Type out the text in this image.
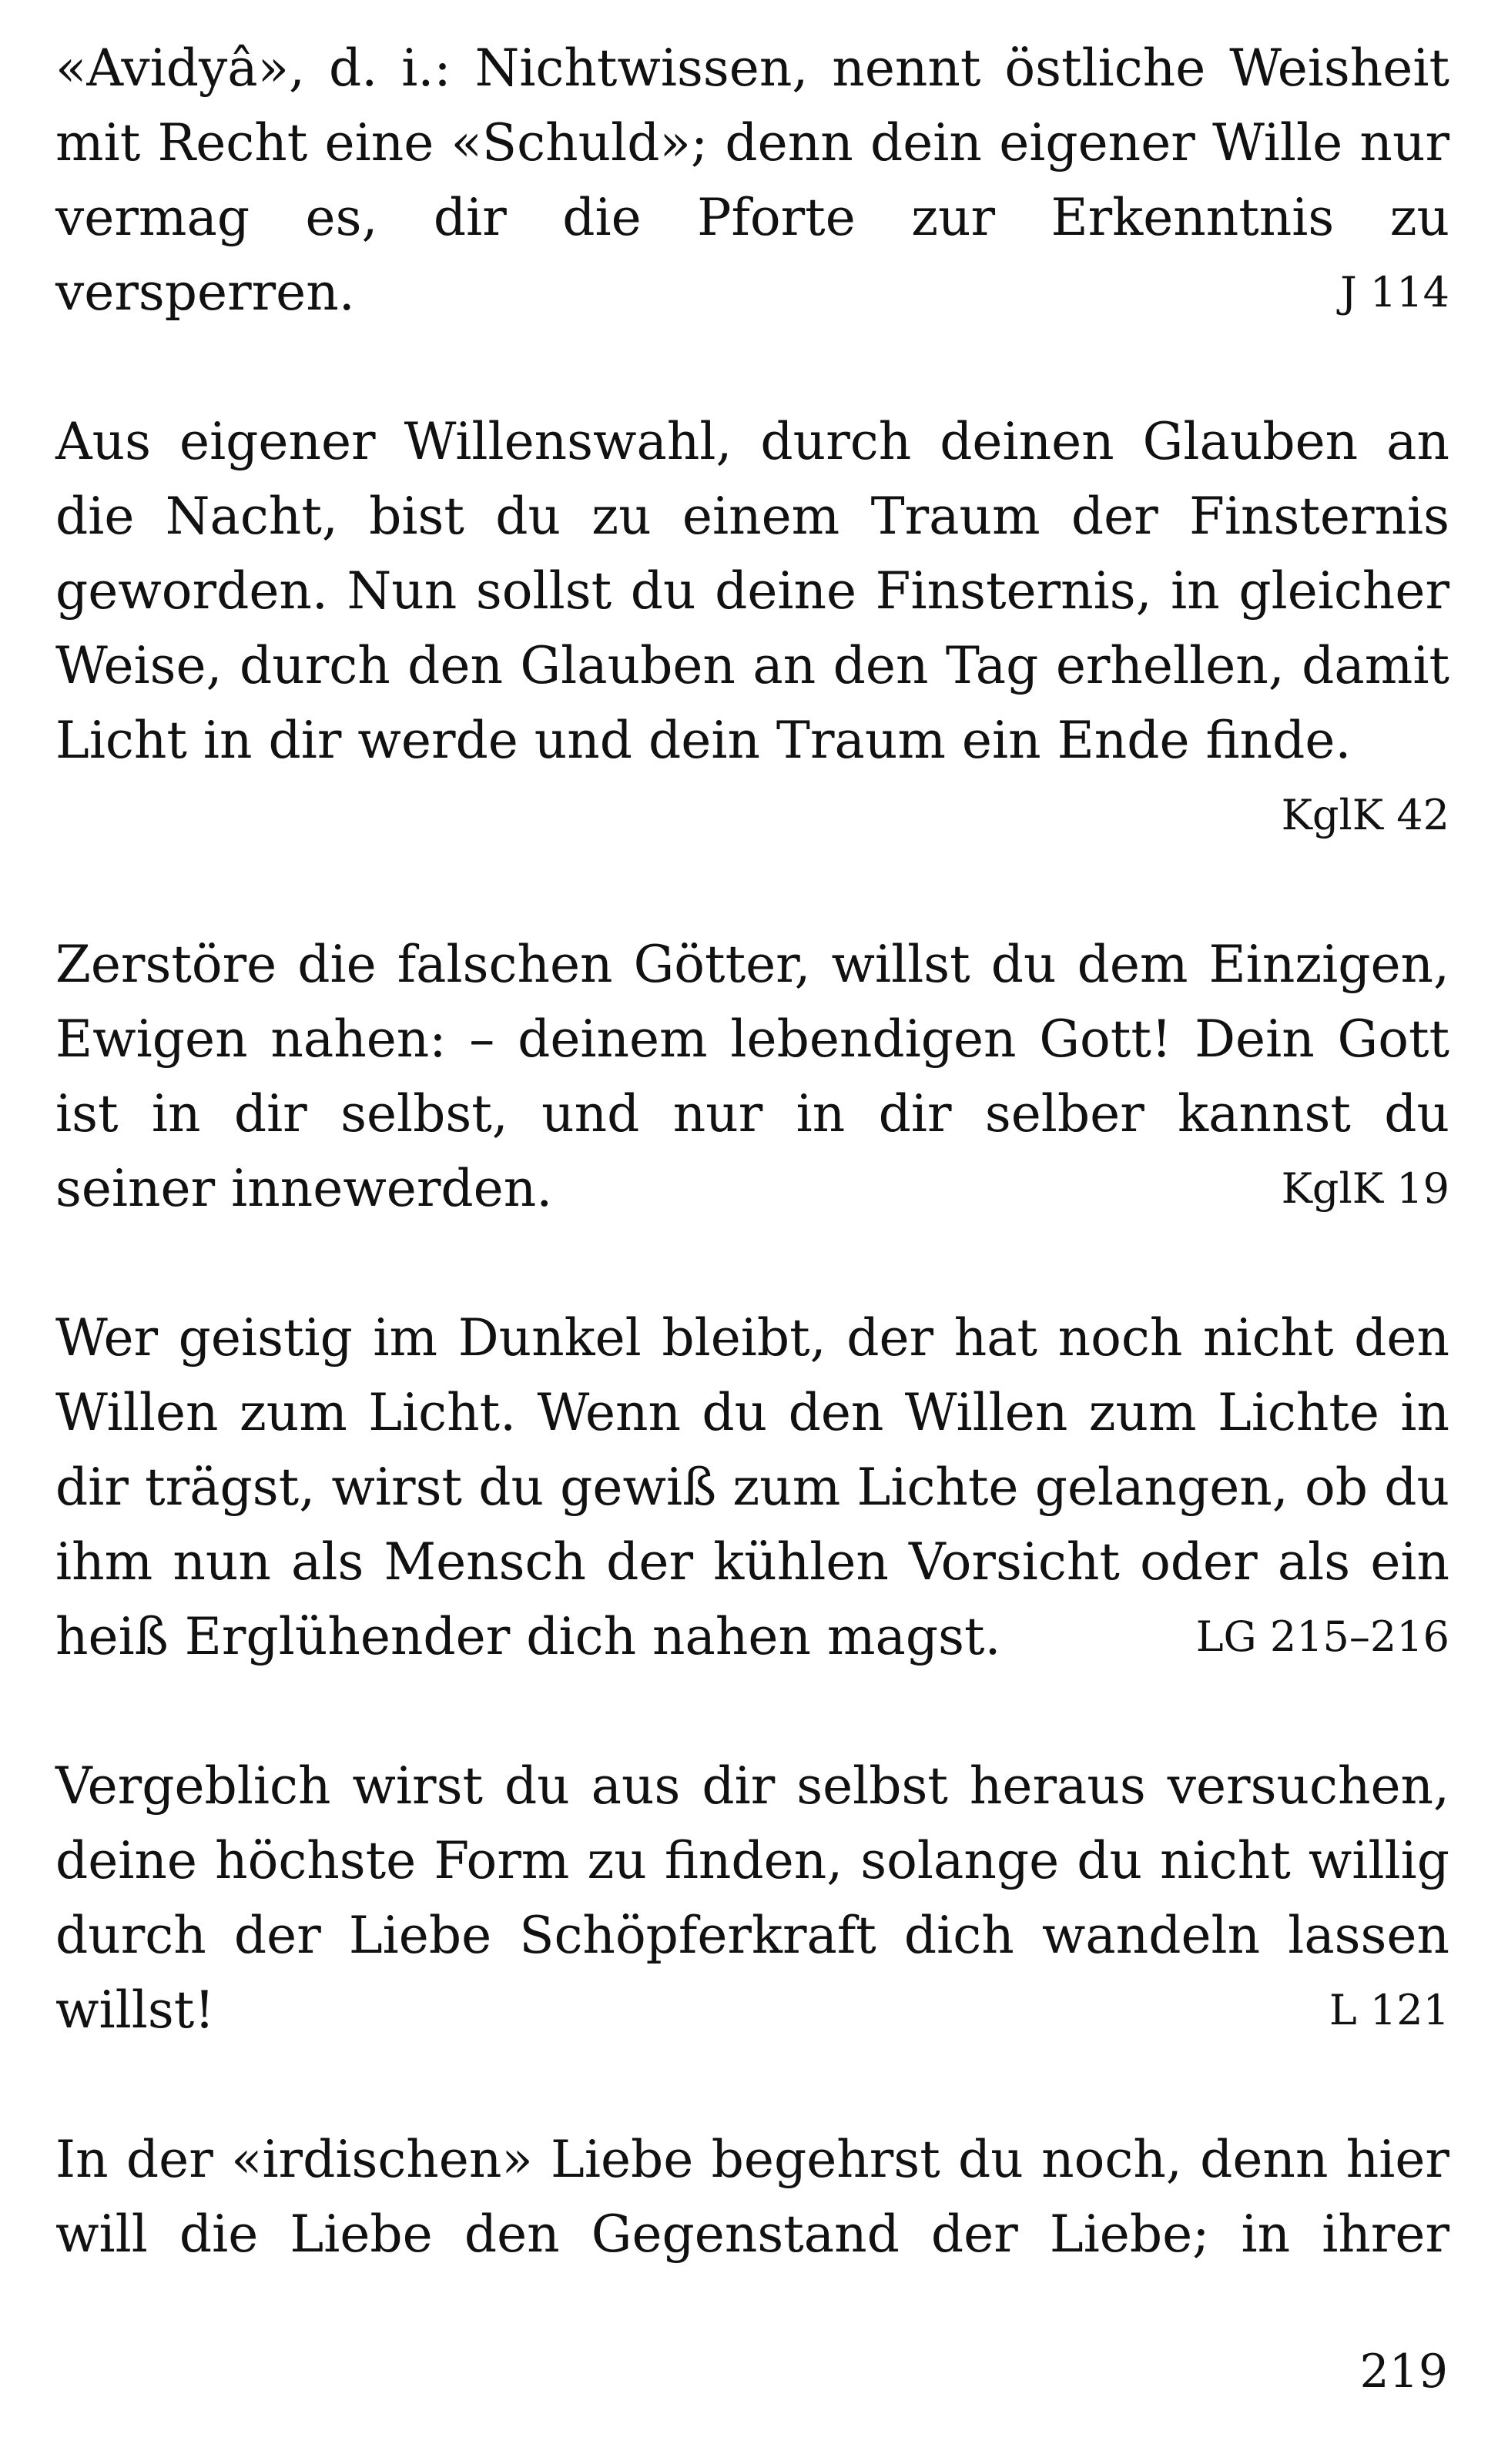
«Avidyâ», d. i.: Nichtwissen, nennt östliche Weisheit mit Recht eine «Schuld»; denn dein eigener Wille nur vermag es, dir die Pforte zur Erkenntnis zu versperren.	J 114

Aus eigener Willenswahl, durch deinen Glauben an die Nacht, bist du zu einem Traum der Finsternis geworden. Nun sollst du deine Finsternis, in gleicher Weise, durch den Glauben an den Tag erhellen, damit Licht in dir werde und dein Traum ein Ende finde.

KglK 42

Zerstöre die falschen Götter, willst du dem Einzigen, Ewigen nahen: – deinem lebendigen Gott! Dein Gott ist in dir selbst, und nur in dir selber kannst du seiner innewerden.	KglK 19

Wer geistig im Dunkel bleibt, der hat noch nicht den Willen zum Licht. Wenn du den Willen zum Lichte in dir trägst, wirst du gewiß zum Lichte gelangen, ob du ihm nun als Mensch der kühlen Vorsicht oder als ein heiß Erglühender dich nahen magst.	LG 215–216

Vergeblich wirst du aus dir selbst heraus versuchen, deine höchste Form zu finden, solange du nicht willig durch der Liebe Schöpferkraft dich wandeln lassen willst!	L 121

In der «irdischen» Liebe begehrst du noch, denn hier will die Liebe den Gegenstand der Liebe; in ihrer

219
